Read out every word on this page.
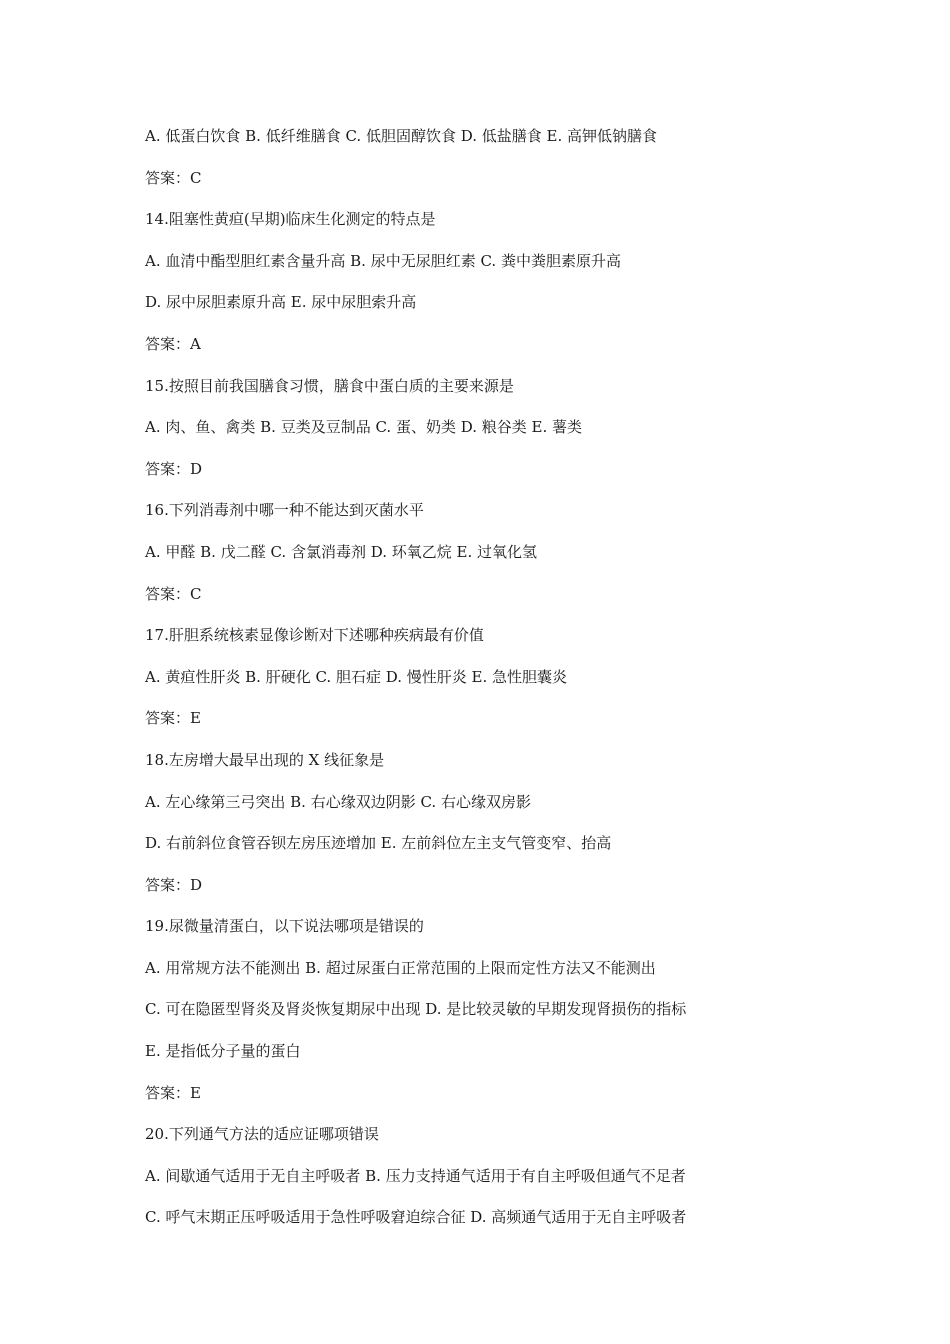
A. 低蛋白饮食 B. 低纤维膳食 C. 低胆固醇饮食 D. 低盐膳食 E. 高钾低钠膳食
答案：C
14.阻塞性黄疸(早期)临床生化测定的特点是
A. 血清中酯型胆红素含量升高 B. 尿中无尿胆红素 C. 粪中粪胆素原升高
D. 尿中尿胆素原升高 E. 尿中尿胆索升高
答案：A
15.按照目前我国膳食习惯，膳食中蛋白质的主要来源是
A. 肉、鱼、禽类 B. 豆类及豆制品 C. 蛋、奶类 D. 粮谷类 E. 薯类
答案：D
16.下列消毒剂中哪一种不能达到灭菌水平
A. 甲醛 B. 戊二醛 C. 含氯消毒剂 D. 环氧乙烷 E. 过氧化氢
答案：C
17.肝胆系统核素显像诊断对下述哪种疾病最有价值
A. 黄疸性肝炎 B. 肝硬化 C. 胆石症 D. 慢性肝炎 E. 急性胆囊炎
答案：E
18.左房增大最早出现的 X 线征象是
A. 左心缘第三弓突出 B. 右心缘双边阴影 C. 右心缘双房影
D. 右前斜位食管吞钡左房压迹增加 E. 左前斜位左主支气管变窄、抬高
答案：D
19.尿微量清蛋白，以下说法哪项是错误的
A. 用常规方法不能测出 B. 超过尿蛋白正常范围的上限而定性方法又不能测出
C. 可在隐匿型肾炎及肾炎恢复期尿中出现 D. 是比较灵敏的早期发现肾损伤的指标
E. 是指低分子量的蛋白
答案：E
20.下列通气方法的适应证哪项错误
A. 间歇通气适用于无自主呼吸者 B. 压力支持通气适用于有自主呼吸但通气不足者
C. 呼气末期正压呼吸适用于急性呼吸窘迫综合征 D. 高频通气适用于无自主呼吸者
